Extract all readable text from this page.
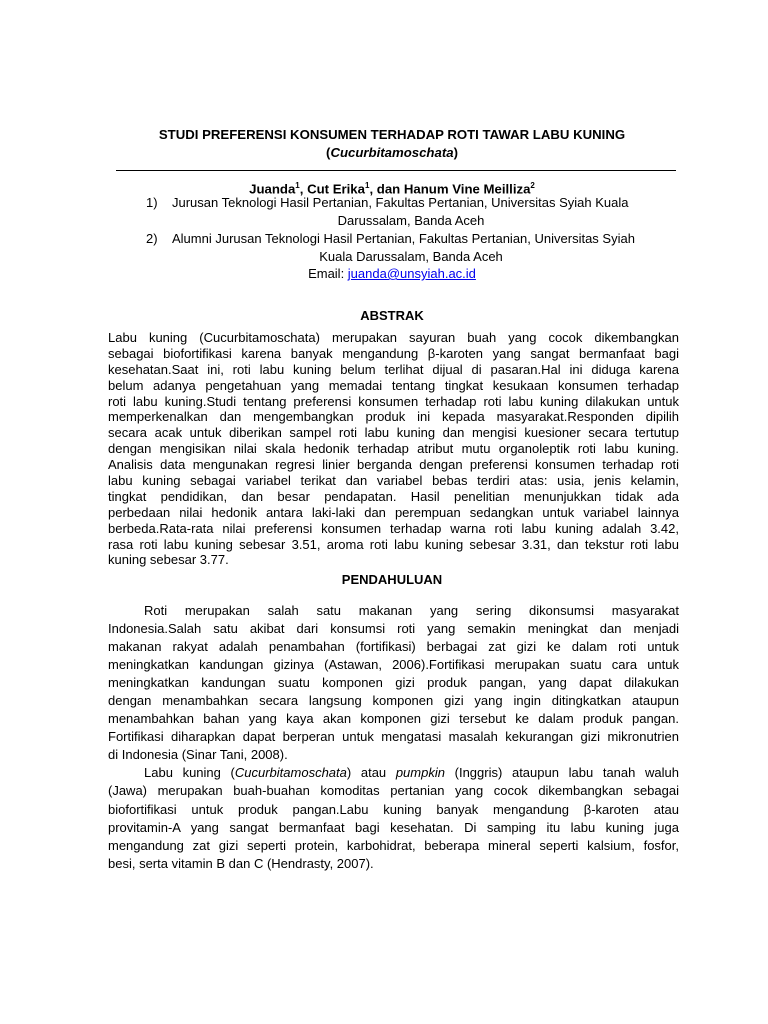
STUDI PREFERENSI KONSUMEN TERHADAP ROTI TAWAR LABU KUNING
(Cucurbitamoschata)
Juanda$^1$, Cut Erika$^1$, dan Hanum Vine Meilliza$^2$
1)	Jurusan Teknologi Hasil Pertanian, Fakultas Pertanian, Universitas Syiah Kuala
Darussalam, Banda Aceh
2)	Alumni Jurusan Teknologi Hasil Pertanian, Fakultas Pertanian, Universitas Syiah
Kuala Darussalam, Banda Aceh
Email: juanda@unsyiah.ac.id
ABSTRAK
Labu kuning (Cucurbitamoschata) merupakan sayuran buah yang cocok dikembangkan
sebagai biofortifikasi karena banyak mengandung β-karoten yang sangat bermanfaat bagi
kesehatan.Saat ini, roti labu kuning belum terlihat dijual di pasaran.Hal ini diduga karena
belum adanya pengetahuan yang memadai tentang tingkat kesukaan konsumen terhadap
roti labu kuning.Studi tentang preferensi konsumen terhadap roti labu kuning dilakukan untuk
memperkenalkan dan mengembangkan produk ini kepada masyarakat.Responden dipilih
secara acak untuk diberikan sampel roti labu kuning dan mengisi kuesioner secara tertutup
dengan mengisikan nilai skala hedonik terhadap atribut mutu organoleptik roti labu kuning.
Analisis data mengunakan regresi linier berganda dengan preferensi konsumen terhadap roti
labu kuning sebagai variabel terikat dan variabel bebas terdiri atas: usia, jenis kelamin,
tingkat pendidikan, dan besar pendapatan. Hasil penelitian menunjukkan tidak ada
perbedaan nilai hedonik antara laki-laki dan perempuan sedangkan untuk variabel lainnya
berbeda.Rata-rata nilai preferensi konsumen terhadap warna roti labu kuning adalah 3.42,
rasa roti labu kuning sebesar 3.51, aroma roti labu kuning sebesar 3.31, dan tekstur roti labu
kuning sebesar 3.77.
PENDAHULUAN
Roti merupakan salah satu makanan yang sering dikonsumsi masyarakat
Indonesia.Salah satu akibat dari konsumsi roti yang semakin meningkat dan menjadi
makanan rakyat adalah penambahan (fortifikasi) berbagai zat gizi ke dalam roti untuk
meningkatkan kandungan gizinya (Astawan, 2006).Fortifikasi merupakan suatu cara untuk
meningkatkan kandungan suatu komponen gizi produk pangan, yang dapat dilakukan
dengan menambahkan secara langsung komponen gizi yang ingin ditingkatkan ataupun
menambahkan bahan yang kaya akan komponen gizi tersebut ke dalam produk pangan.
Fortifikasi diharapkan dapat berperan untuk mengatasi masalah kekurangan gizi mikronutrien
di Indonesia (Sinar Tani, 2008).
Labu kuning (Cucurbitamoschata) atau pumpkin (Inggris) ataupun labu tanah waluh
(Jawa) merupakan buah-buahan komoditas pertanian yang cocok dikembangkan sebagai
biofortifikasi untuk produk pangan.Labu kuning banyak mengandung β-karoten atau
provitamin-A yang sangat bermanfaat bagi kesehatan. Di samping itu labu kuning juga
mengandung zat gizi seperti protein, karbohidrat, beberapa mineral seperti kalsium, fosfor,
besi, serta vitamin B dan C (Hendrasty, 2007).
